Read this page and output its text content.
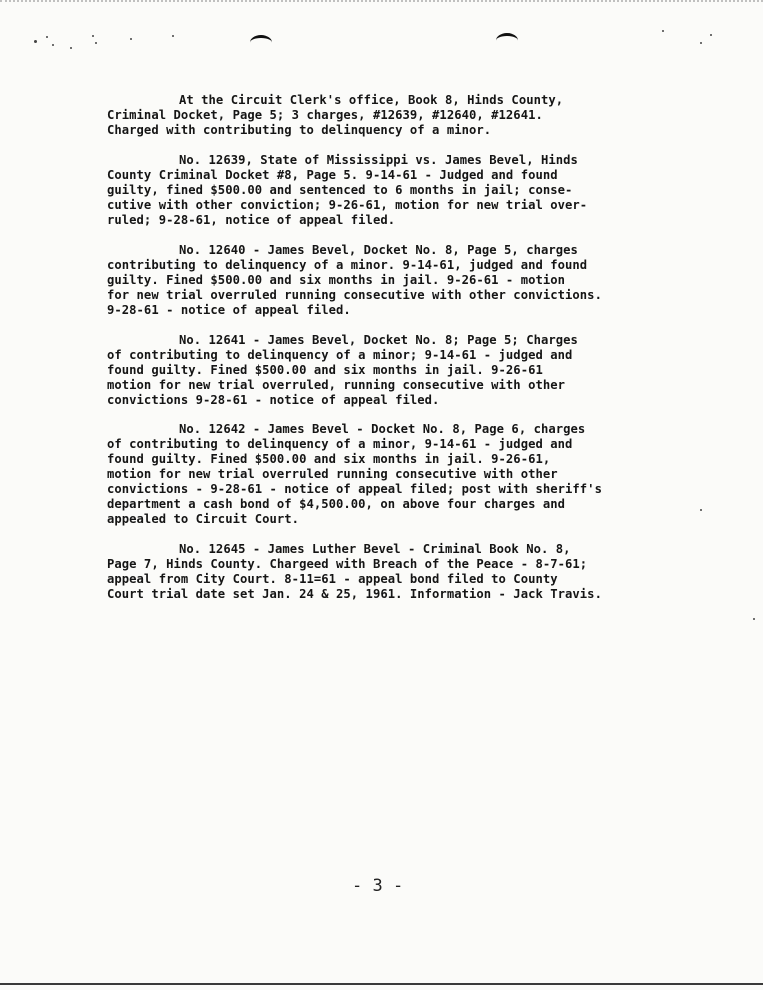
At the Circuit Clerk's office, Book 8, Hinds County,
Criminal Docket, Page 5; 3 charges, #12639, #12640, #12641.
Charged with contributing to delinquency of a minor.
No. 12639, State of Mississippi vs. James Bevel, Hinds
County Criminal Docket #8, Page 5. 9-14-61 - Judged and found
guilty, fined $500.00 and sentenced to 6 months in jail; conse-
cutive with other conviction; 9-26-61, motion for new trial over-
ruled; 9-28-61, notice of appeal filed.
No. 12640 - James Bevel, Docket No. 8, Page 5, charges
contributing to delinquency of a minor. 9-14-61, judged and found
guilty. Fined $500.00 and six months in jail. 9-26-61 - motion
for new trial overruled running consecutive with other convictions.
9-28-61 - notice of appeal filed.
No. 12641 - James Bevel, Docket No. 8; Page 5; Charges
of contributing to delinquency of a minor; 9-14-61 - judged and
found guilty. Fined $500.00 and six months in jail. 9-26-61
motion for new trial overruled, running consecutive with other
convictions 9-28-61 - notice of appeal filed.
No. 12642 - James Bevel - Docket No. 8, Page 6, charges
of contributing to delinquency of a minor, 9-14-61 - judged and
found guilty. Fined $500.00 and six months in jail. 9-26-61,
motion for new trial overruled running consecutive with other
convictions - 9-28-61 - notice of appeal filed; post with sheriff's
department a cash bond of $4,500.00, on above four charges and
appealed to Circuit Court.
No. 12645 - James Luther Bevel - Criminal Book No. 8,
Page 7, Hinds County. Chargeed with Breach of the Peace - 8-7-61;
appeal from City Court. 8-11=61 - appeal bond filed to County
Court trial date set Jan. 24 & 25, 1961. Information - Jack Travis.
- 3 -
